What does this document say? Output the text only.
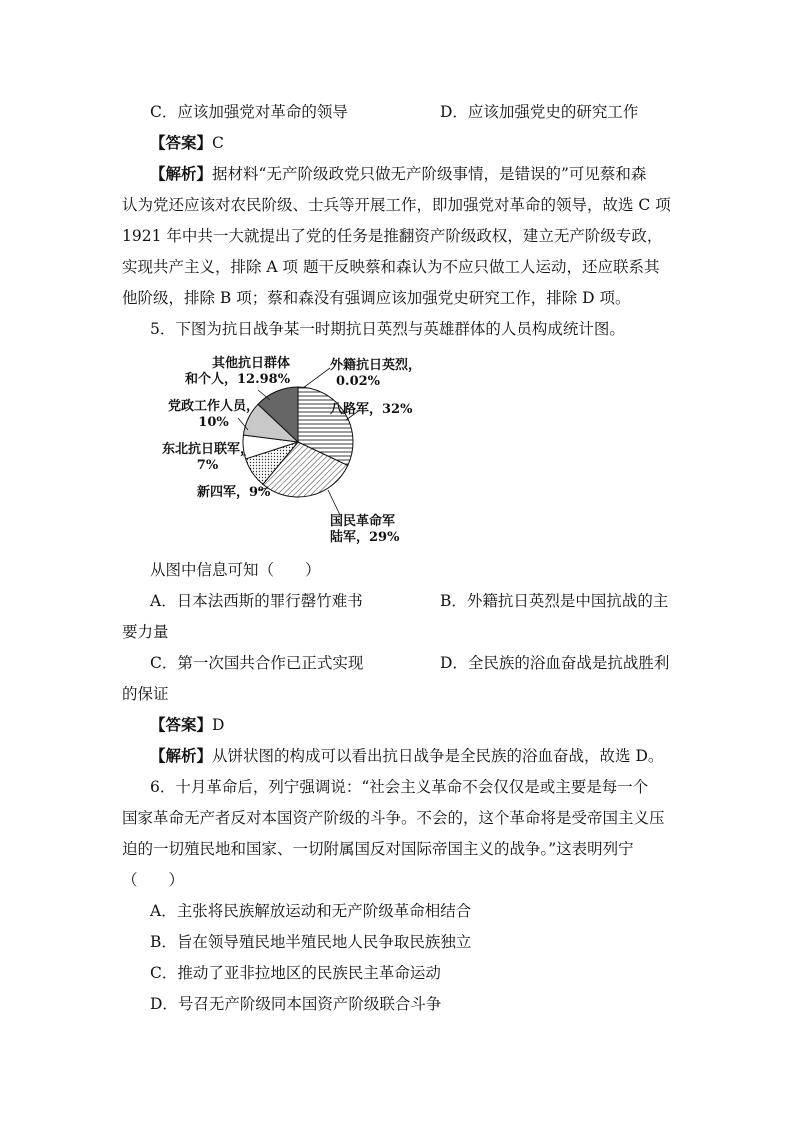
C．应该加强党对革命的领导	D．应该加强党史的研究工作
【答案】C
【解析】据材料“无产阶级政党只做无产阶级事情，是错误的”可见蔡和森
认为党还应该对农民阶级、士兵等开展工作，即加强党对革命的领导，故选 C 项
1921 年中共一大就提出了党的任务是推翻资产阶级政权，建立无产阶级专政，
实现共产主义，排除 A 项 题干反映蔡和森认为不应只做工人运动，还应联系其
他阶级，排除 B 项；蔡和森没有强调应该加强党史研究工作，排除 D 项。
5．下图为抗日战争某一时期抗日英烈与英雄群体的人员构成统计图。
外籍抗日英烈，
0.02%
八路军，32%
国民革命军
陆军，29%
新四军，9%
东北抗日联军，
7%
党政工作人员，
10%
其他抗日群体
和个人，12.98%
从图中信息可知（　　）
A．日本法西斯的罪行罄竹难书	B．外籍抗日英烈是中国抗战的主
要力量
C．第一次国共合作已正式实现	D．全民族的浴血奋战是抗战胜利
的保证
【答案】D
【解析】从饼状图的构成可以看出抗日战争是全民族的浴血奋战，故选 D。
6．十月革命后，列宁强调说：“社会主义革命不会仅仅是或主要是每一个
国家革命无产者反对本国资产阶级的斗争。不会的，这个革命将是受帝国主义压
迫的一切殖民地和国家、一切附属国反对国际帝国主义的战争。”这表明列宁
（　　）
A．主张将民族解放运动和无产阶级革命相结合
B．旨在领导殖民地半殖民地人民争取民族独立
C．推动了亚非拉地区的民族民主革命运动
D．号召无产阶级同本国资产阶级联合斗争
